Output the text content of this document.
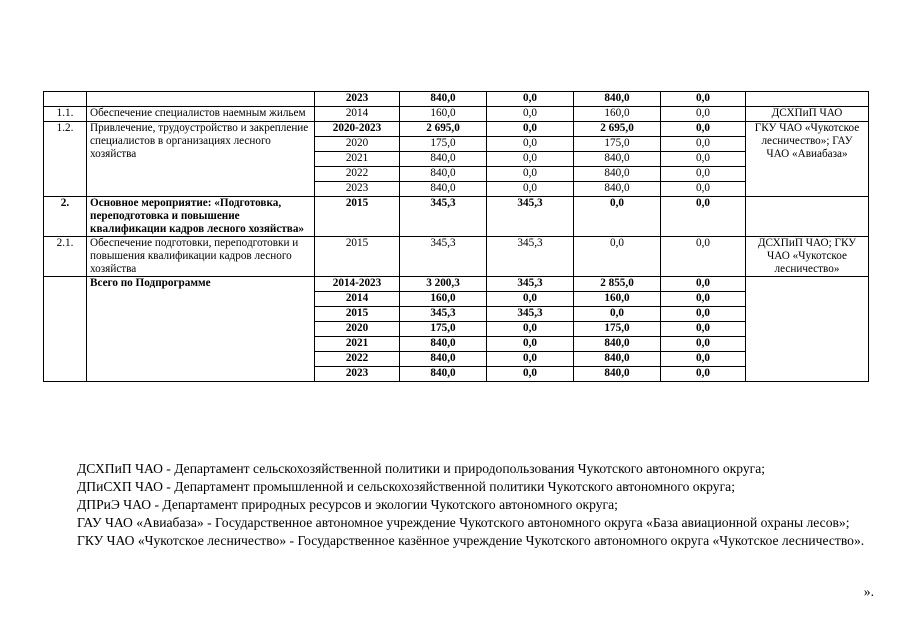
		2023	840,0	0,0	840,0	0,0	
1.1.	Обеспечение специалистов наемным жильем	2014	160,0	0,0	160,0	0,0	ДСХПиП ЧАО
1.2.	Привлечение, трудоустройство и закрепление специалистов в организациях лесного хозяйства	2020-2023	2 695,0	0,0	2 695,0	0,0	ГКУ ЧАО «Чукотское лесничество»; ГАУ ЧАО «Авиабаза»
		2020	175,0	0,0	175,0	0,0	
		2021	840,0	0,0	840,0	0,0	
		2022	840,0	0,0	840,0	0,0	
		2023	840,0	0,0	840,0	0,0	
2.	Основное мероприятие: «Подготовка, переподготовка и повышение квалификации кадров лесного хозяйства»	2015	345,3	345,3	0,0	0,0	
2.1.	Обеспечение подготовки, переподготовки и повышения квалификации кадров лесного хозяйства	2015	345,3	345,3	0,0	0,0	ДСХПиП ЧАО; ГКУ ЧАО «Чукотское лесничество»
	Всего по Подпрограмме	2014-2023	3 200,3	345,3	2 855,0	0,0	
		2014	160,0	0,0	160,0	0,0	
		2015	345,3	345,3	0,0	0,0	
		2020	175,0	0,0	175,0	0,0	
		2021	840,0	0,0	840,0	0,0	
		2022	840,0	0,0	840,0	0,0	
		2023	840,0	0,0	840,0	0,0	

ДСХПиП ЧАО - Департамент сельскохозяйственной политики и природопользования Чукотского автономного округа;

ДПиСХП ЧАО - Департамент промышленной и сельскохозяйственной политики Чукотского автономного округа;

ДПРиЭ ЧАО - Департамент природных ресурсов и экологии Чукотского автономного округа;

ГАУ ЧАО «Авиабаза» - Государственное автономное учреждение Чукотского автономного округа «База авиационной охраны лесов»;

ГКУ ЧАО «Чукотское лесничество» - Государственное казённое учреждение Чукотского автономного округа «Чукотское лесничество».

».
